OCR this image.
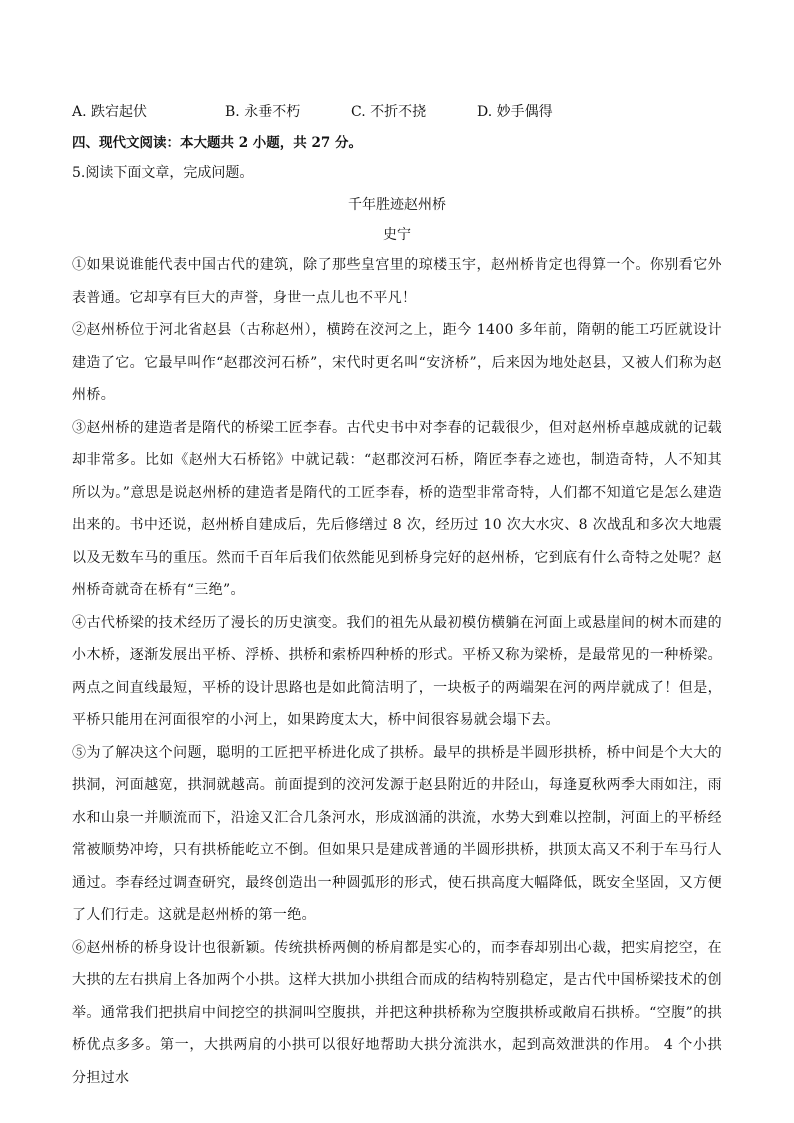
A. 跌宕起伏	B. 永垂不朽	C. 不折不挠	D. 妙手偶得
四、现代文阅读：本大题共 2 小题，共 27 分。
5.阅读下面文章，完成问题。
千年胜迹赵州桥
史宁

①如果说谁能代表中国古代的建筑，除了那些皇宫里的琼楼玉宇，赵州桥肯定也得算一个。你别看它外表普通。它却享有巨大的声誉，身世一点儿也不平凡！

②赵州桥位于河北省赵县（古称赵州），横跨在洨河之上，距今 1400 多年前，隋朝的能工巧匠就设计建造了它。它最早叫作“赵郡洨河石桥”，宋代时更名叫“安济桥”，后来因为地处赵县，又被人们称为赵州桥。

③赵州桥的建造者是隋代的桥梁工匠李春。古代史书中对李春的记载很少，但对赵州桥卓越成就的记载却非常多。比如《赵州大石桥铭》中就记载：“赵郡洨河石桥，隋匠李春之迹也，制造奇特，人不知其所以为。”意思是说赵州桥的建造者是隋代的工匠李春，桥的造型非常奇特，人们都不知道它是怎么建造出来的。书中还说，赵州桥自建成后，先后修缮过 8 次，经历过 10 次大水灾、8 次战乱和多次大地震以及无数车马的重压。然而千百年后我们依然能见到桥身完好的赵州桥，它到底有什么奇特之处呢？赵州桥奇就奇在桥有“三绝”。

④古代桥梁的技术经历了漫长的历史演变。我们的祖先从最初模仿横躺在河面上或悬崖间的树木而建的小木桥，逐渐发展出平桥、浮桥、拱桥和索桥四种桥的形式。平桥又称为梁桥，是最常见的一种桥梁。两点之间直线最短，平桥的设计思路也是如此简洁明了，一块板子的两端架在河的两岸就成了！但是，平桥只能用在河面很窄的小河上，如果跨度太大，桥中间很容易就会塌下去。

⑤为了解决这个问题，聪明的工匠把平桥进化成了拱桥。最早的拱桥是半圆形拱桥，桥中间是个大大的拱洞，河面越宽，拱洞就越高。前面提到的洨河发源于赵县附近的井陉山，每逢夏秋两季大雨如注，雨水和山泉一并顺流而下，沿途又汇合几条河水，形成汹涌的洪流，水势大到难以控制，河面上的平桥经常被顺势冲垮，只有拱桥能屹立不倒。但如果只是建成普通的半圆形拱桥，拱顶太高又不利于车马行人通过。李春经过调查研究，最终创造出一种圆弧形的形式，使石拱高度大幅降低，既安全坚固，又方便了人们行走。这就是赵州桥的第一绝。

⑥赵州桥的桥身设计也很新颖。传统拱桥两侧的桥肩都是实心的，而李春却别出心裁，把实肩挖空，在大拱的左右拱肩上各加两个小拱。这样大拱加小拱组合而成的结构特别稳定，是古代中国桥梁技术的创举。通常我们把拱肩中间挖空的拱洞叫空腹拱，并把这种拱桥称为空腹拱桥或敞肩石拱桥。“空腹”的拱桥优点多多。第一，大拱两肩的小拱可以很好地帮助大拱分流洪水，起到高效泄洪的作用。 4 个小拱分担过水
